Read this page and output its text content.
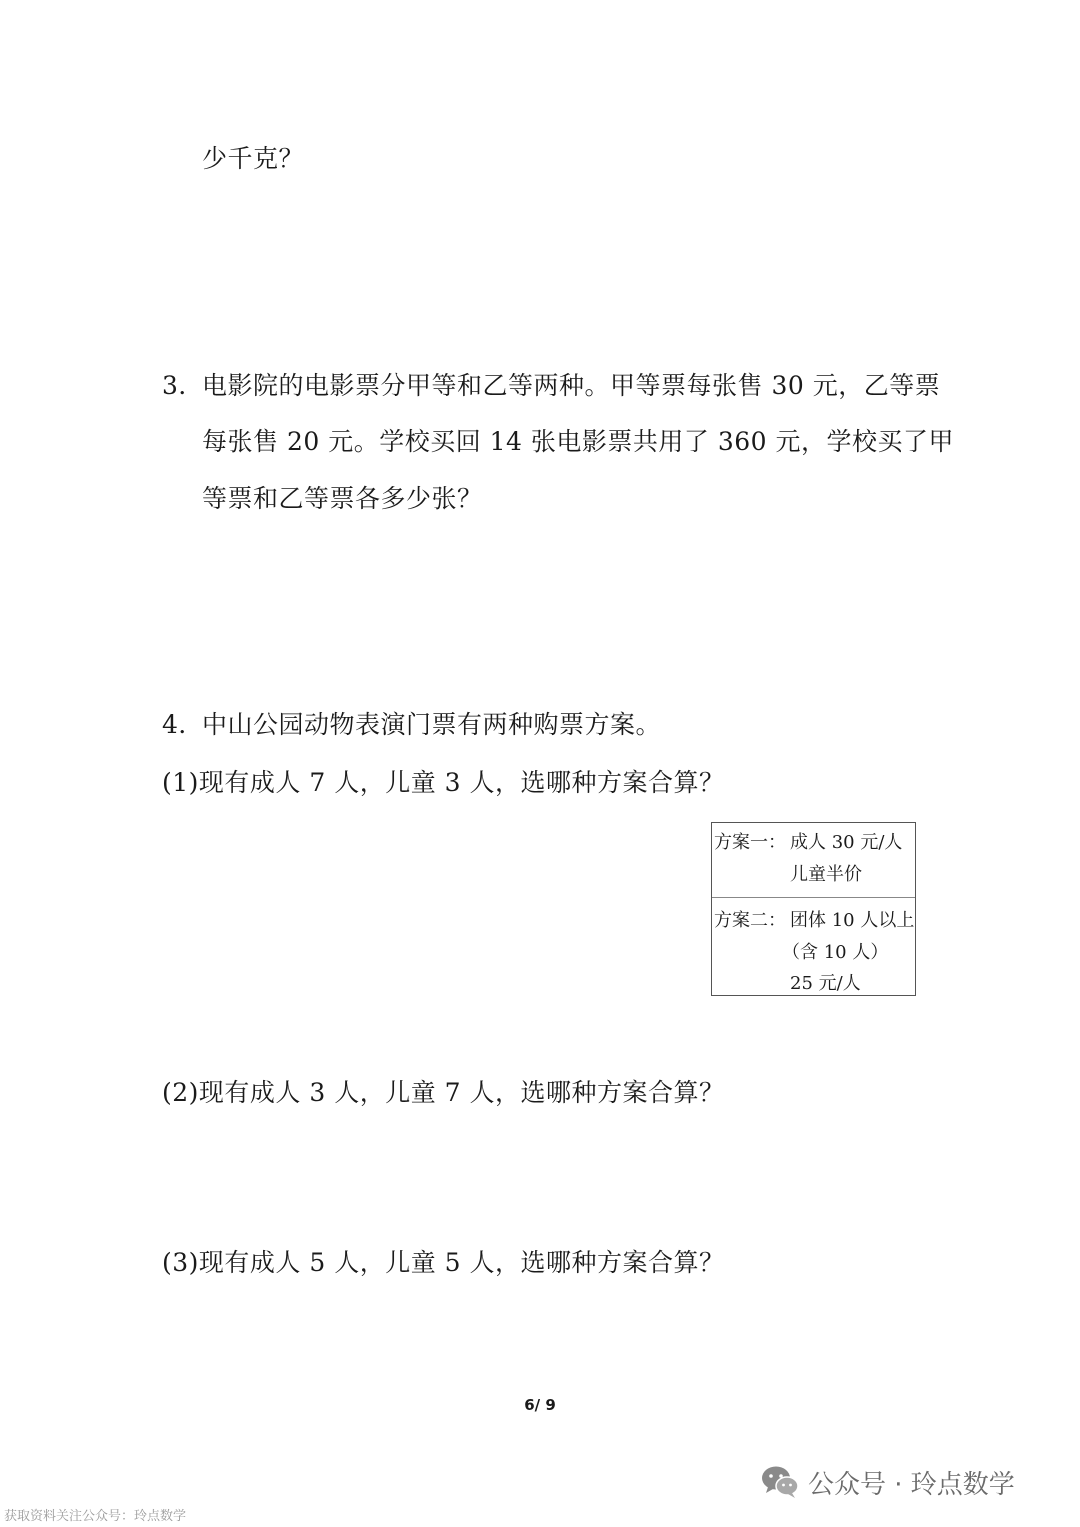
少千克？
3．电影院的电影票分甲等和乙等两种。甲等票每张售 30 元，乙等票
每张售 20 元。学校买回 14 张电影票共用了 360 元，学校买了甲
等票和乙等票各多少张？
4．中山公园动物表演门票有两种购票方案。
(1)现有成人 7 人，儿童 3 人，选哪种方案合算？
方案一： 成人 30 元/人
儿童半价
方案二： 团体 10 人以上
（含 10 人）
25 元/人
(2)现有成人 3 人，儿童 7 人，选哪种方案合算？
(3)现有成人 5 人，儿童 5 人，选哪种方案合算？
6/ 9
公众号 · 玲点数学
获取资料关注公众号：玲点数学
